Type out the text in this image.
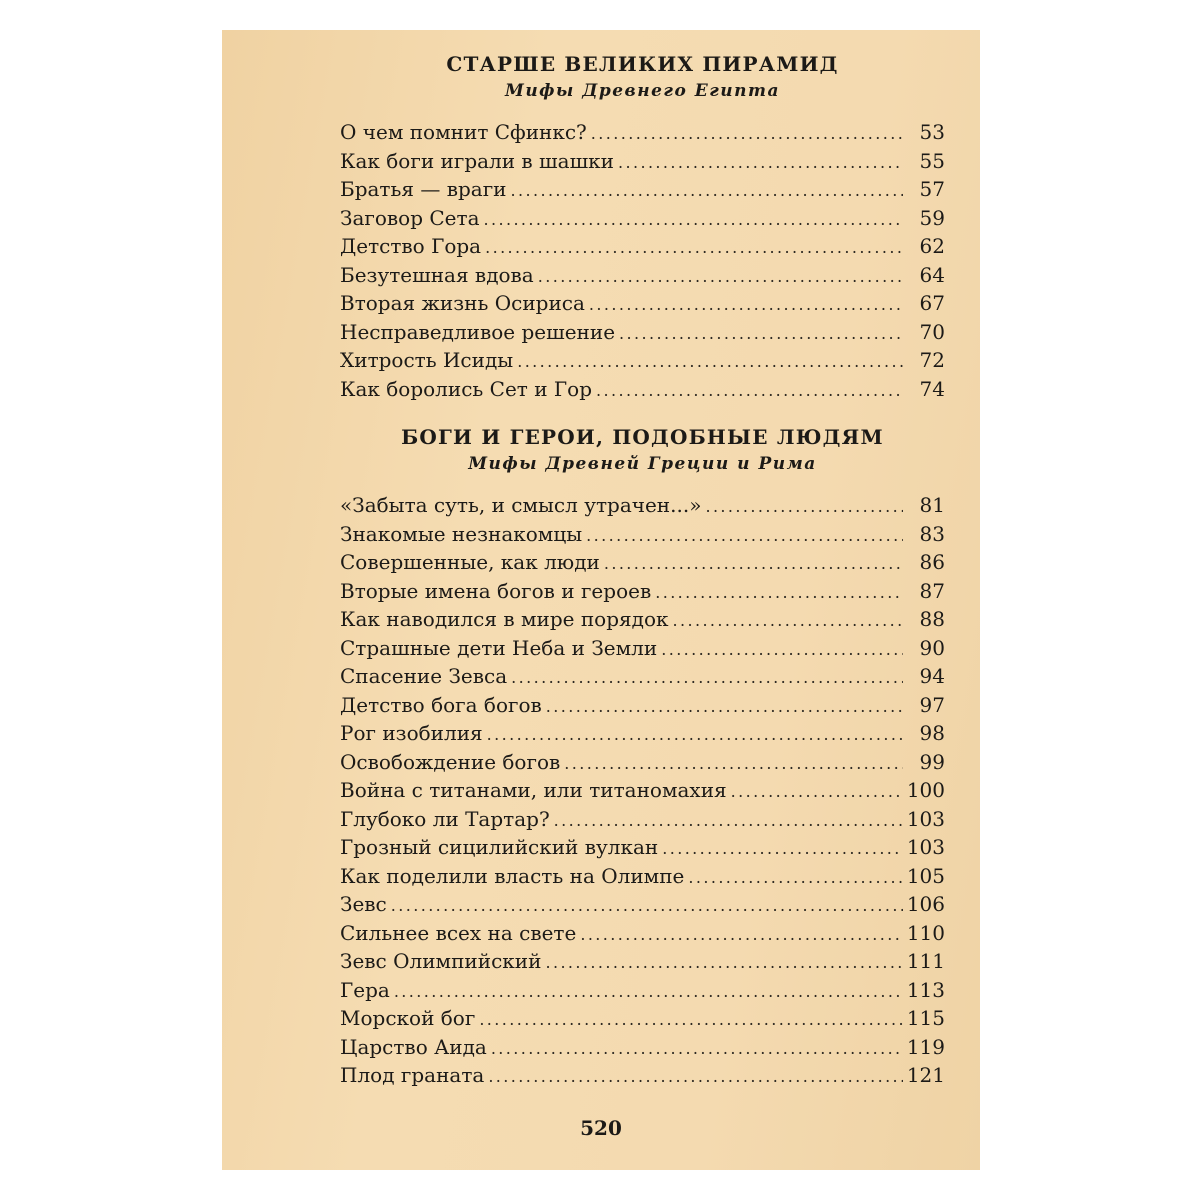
СТАРШЕ ВЕЛИКИХ ПИРАМИД
Мифы Древнего Египта
О чем помнит Сфинкс? .....	53
Как боги играли в шашки .....	55
Братья — враги .....	57
Заговор Сета .....	59
Детство Гора .....	62
Безутешная вдова .....	64
Вторая жизнь Осириса .....	67
Несправедливое решение .....	70
Хитрость Исиды .....	72
Как боролись Сет и Гор .....	74
БОГИ И ГЕРОИ, ПОДОБНЫЕ ЛЮДЯМ
Мифы Древней Греции и Рима
«Забыта суть, и смысл утрачен...» .....	81
Знакомые незнакомцы .....	83
Совершенные, как люди .....	86
Вторые имена богов и героев .....	87
Как наводился в мире порядок .....	88
Страшные дети Неба и Земли .....	90
Спасение Зевса .....	94
Детство бога богов .....	97
Рог изобилия .....	98
Освобождение богов .....	99
Война с титанами, или титаномахия .....	100
Глубоко ли Тартар? .....	103
Грозный сицилийский вулкан .....	103
Как поделили власть на Олимпе .....	105
Зевс .....	106
Сильнее всех на свете .....	110
Зевс Олимпийский .....	111
Гера .....	113
Морской бог .....	115
Царство Аида .....	119
Плод граната .....	121
520
